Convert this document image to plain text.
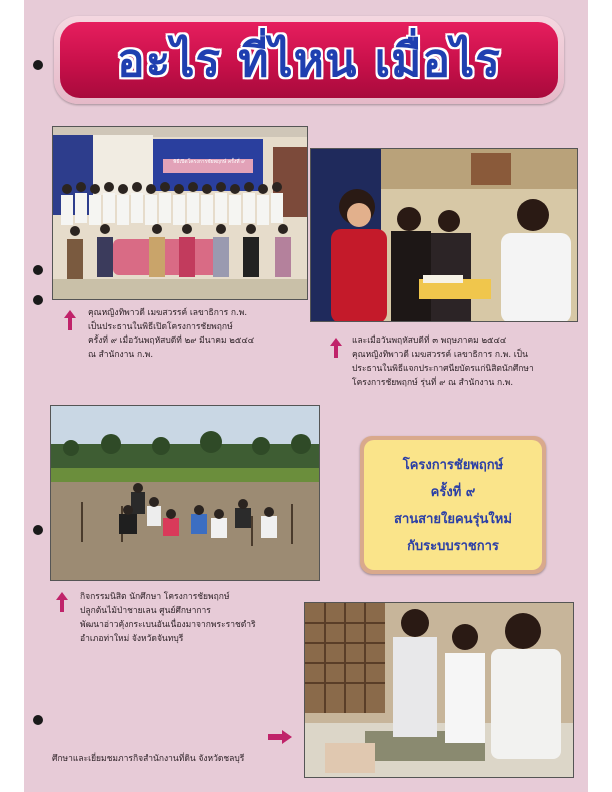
อะไร ที่ไหน เมื่อไร
พิธีเปิดโครงการชัยพฤกษ์ ครั้งที่ ๙
คุณหญิงทิพาวดี เมฆสวรรค์ เลขาธิการ ก.พ.
เป็นประธานในพิธีเปิดโครงการชัยพฤกษ์
ครั้งที่ ๙ เมื่อวันพฤหัสบดีที่ ๒๙ มีนาคม ๒๕๔๔
ณ สำนักงาน ก.พ.
และเมื่อวันพฤหัสบดีที่ ๓ พฤษภาคม ๒๕๔๔
คุณหญิงทิพาวดี เมฆสวรรค์ เลขาธิการ ก.พ. เป็น
ประธานในพิธีแจกประกาศนียบัตรแก่นิสิตนักศึกษา
โครงการชัยพฤกษ์ รุ่นที่ ๙ ณ สำนักงาน ก.พ.
โครงการชัยพฤกษ์
ครั้งที่ ๙
สานสายใยคนรุ่นใหม่
กับระบบราชการ
กิจกรรมนิสิต นักศึกษา โครงการชัยพฤกษ์
ปลูกต้นไม้ป่าชายเลน ศูนย์ศึกษาการ
พัฒนาอ่าวคุ้งกระเบนอันเนื่องมาจากพระราชดำริ
อำเภอท่าใหม่ จังหวัดจันทบุรี
ศึกษาและเยี่ยมชมภารกิจสำนักงานที่ดิน จังหวัดชลบุรี
